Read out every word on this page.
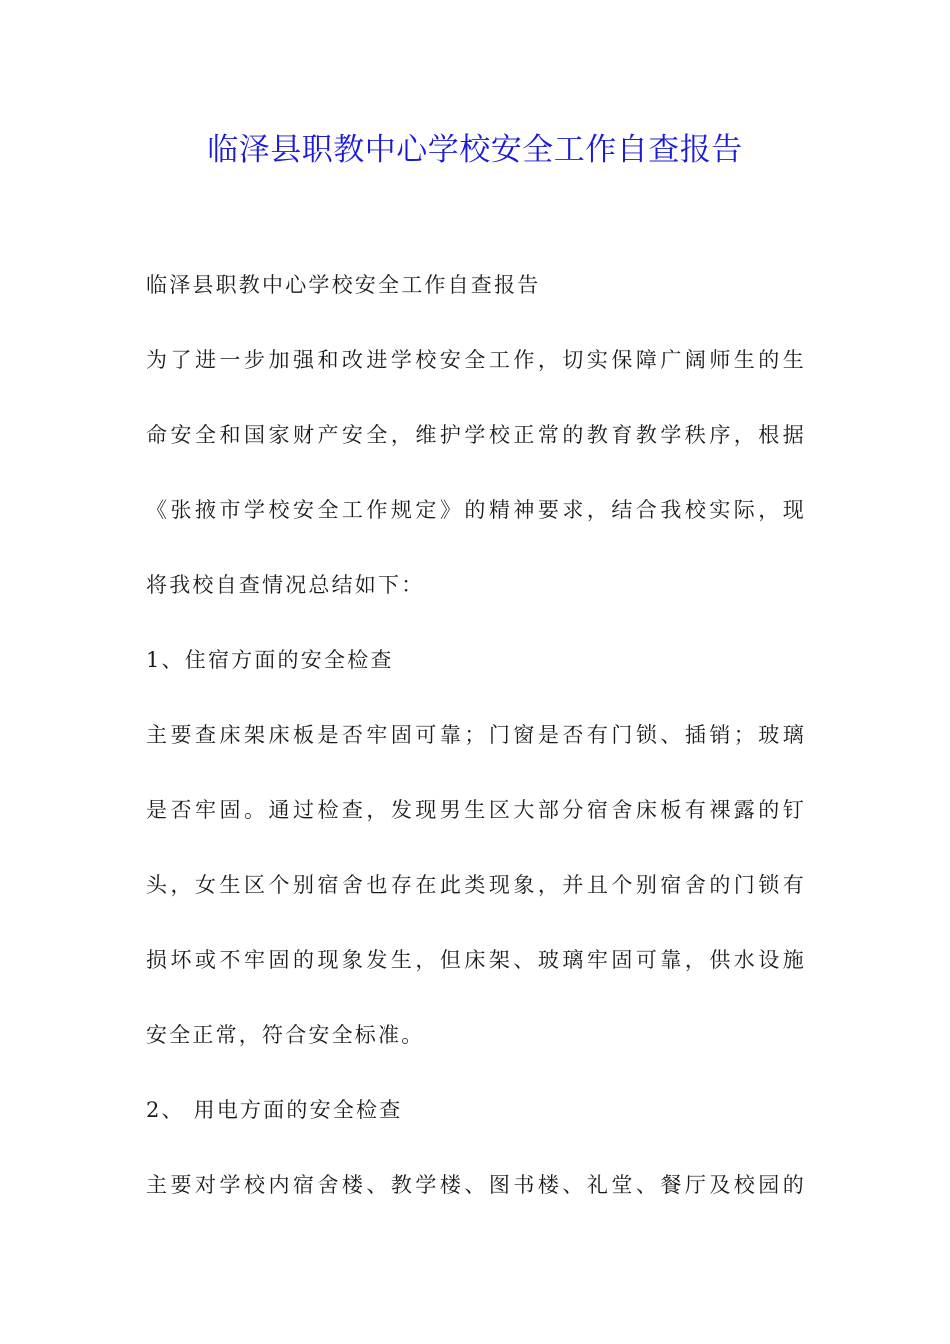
临泽县职教中心学校安全工作自查报告
临泽县职教中心学校安全工作自查报告
为了进一步加强和改进学校安全工作，切实保障广阔师生的生
命安全和国家财产安全，维护学校正常的教育教学秩序，根据
《张掖市学校安全工作规定》的精神要求，结合我校实际，现
将我校自查情况总结如下：
1、住宿方面的安全检查
主要查床架床板是否牢固可靠；门窗是否有门锁、插销；玻璃
是否牢固。通过检查，发现男生区大部分宿舍床板有裸露的钉
头，女生区个别宿舍也存在此类现象，并且个别宿舍的门锁有
损坏或不牢固的现象发生，但床架、玻璃牢固可靠，供水设施
安全正常，符合安全标准。
2、 用电方面的安全检查
主要对学校内宿舍楼、教学楼、图书楼、礼堂、餐厅及校园的
